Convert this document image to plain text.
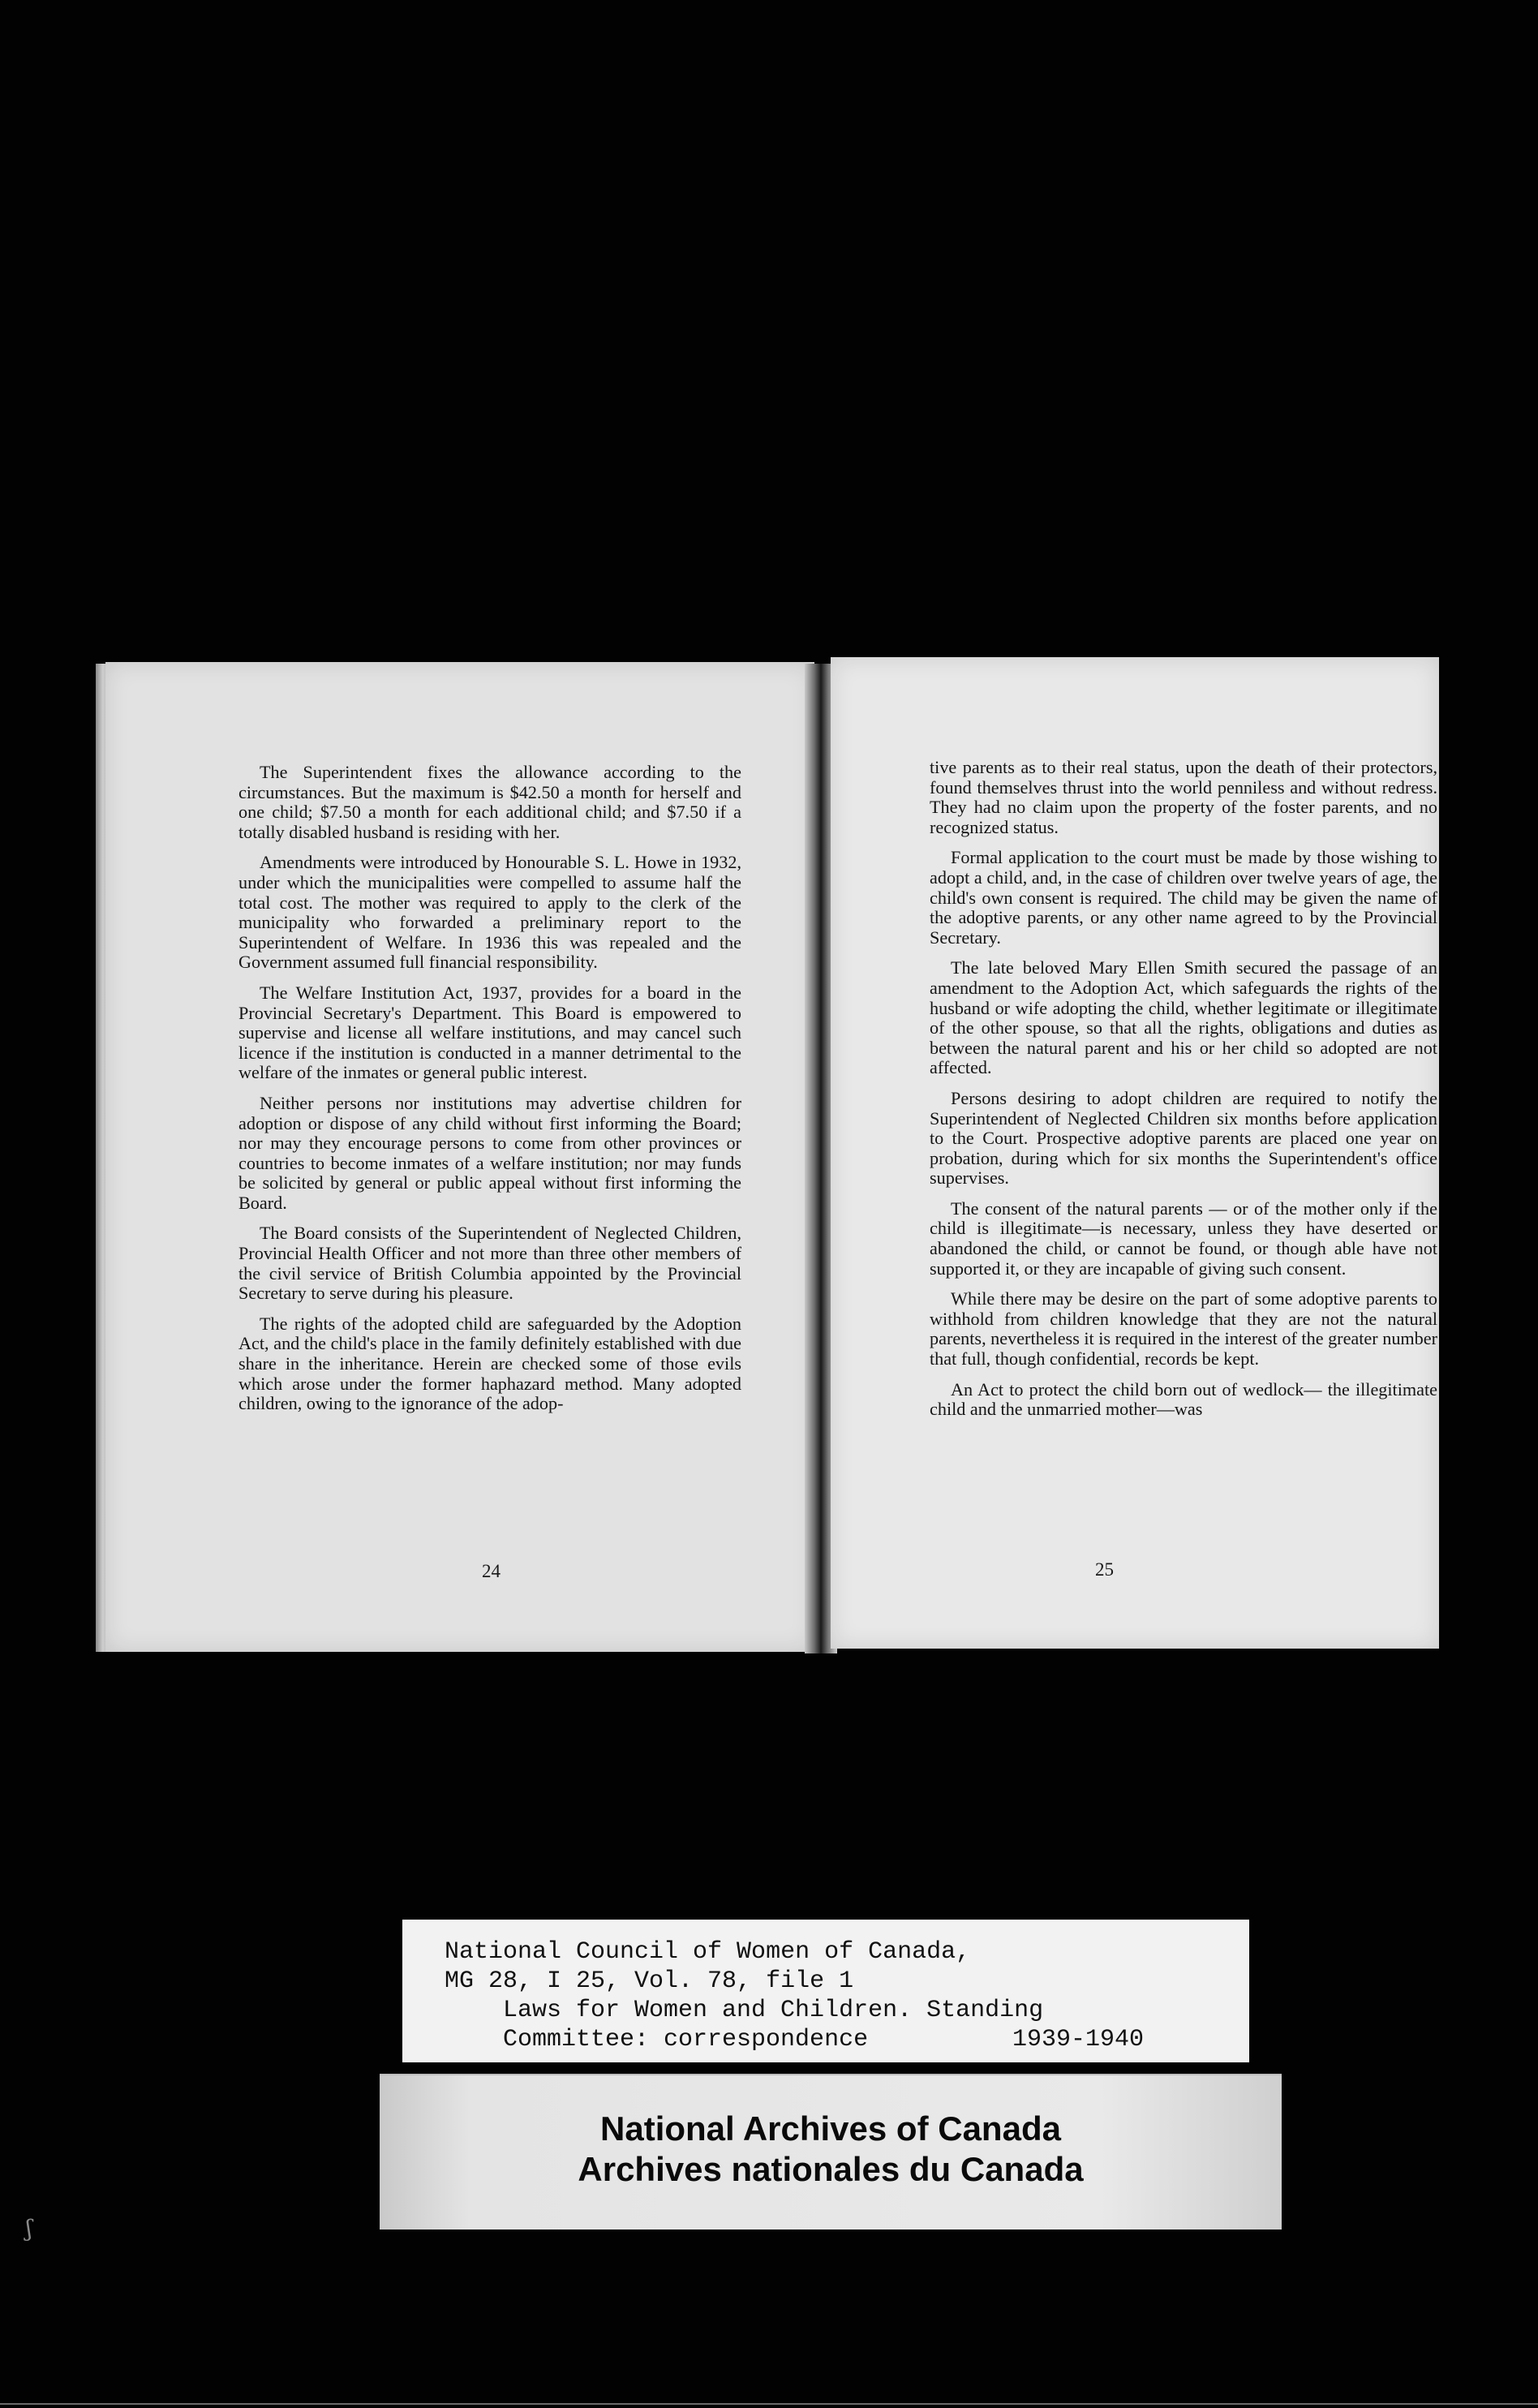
The Superintendent fixes the allowance according to the circumstances. But the maximum is $42.50 a month for herself and one child; $7.50 a month for each additional child; and $7.50 if a totally disabled husband is residing with her.

Amendments were introduced by Honourable S. L. Howe in 1932, under which the municipalities were compelled to assume half the total cost. The mother was required to apply to the clerk of the municipality who forwarded a preliminary report to the Superintendent of Welfare. In 1936 this was repealed and the Government assumed full financial responsibility.

The Welfare Institution Act, 1937, provides for a board in the Provincial Secretary's Department. This Board is empowered to supervise and license all welfare institutions, and may cancel such licence if the institution is conducted in a manner detrimental to the welfare of the inmates or general public interest.

Neither persons nor institutions may advertise children for adoption or dispose of any child without first informing the Board; nor may they encourage persons to come from other provinces or countries to become inmates of a welfare institution; nor may funds be solicited by general or public appeal without first informing the Board.

The Board consists of the Superintendent of Neglected Children, Provincial Health Officer and not more than three other members of the civil service of British Columbia appointed by the Provincial Secretary to serve during his pleasure.

The rights of the adopted child are safeguarded by the Adoption Act, and the child's place in the family definitely established with due share in the inheritance. Herein are checked some of those evils which arose under the former haphazard method. Many adopted children, owing to the ignorance of the adop-

24

tive parents as to their real status, upon the death of their protectors, found themselves thrust into the world penniless and without redress. They had no claim upon the property of the foster parents, and no recognized status.

Formal application to the court must be made by those wishing to adopt a child, and, in the case of children over twelve years of age, the child's own consent is required. The child may be given the name of the adoptive parents, or any other name agreed to by the Provincial Secretary.

The late beloved Mary Ellen Smith secured the passage of an amendment to the Adoption Act, which safeguards the rights of the husband or wife adopting the child, whether legitimate or illegitimate of the other spouse, so that all the rights, obligations and duties as between the natural parent and his or her child so adopted are not affected.

Persons desiring to adopt children are required to notify the Superintendent of Neglected Children six months before application to the Court. Prospective adoptive parents are placed one year on probation, during which for six months the Superintendent's office supervises.

The consent of the natural parents — or of the mother only if the child is illegitimate—is necessary, unless they have deserted or abandoned the child, or cannot be found, or though able have not supported it, or they are incapable of giving such consent.

While there may be desire on the part of some adoptive parents to withhold from children knowledge that they are not the natural parents, nevertheless it is required in the interest of the greater number that full, though confidential, records be kept.

An Act to protect the child born out of wedlock— the illegitimate child and the unmarried mother—was

25
National Council of Women of Canada,
MG 28, I 25, Vol. 78, file 1
Laws for Women and Children. Standing
Committee: correspondence	1939-1940
National Archives of Canada
Archives nationales du Canada
ʃ
